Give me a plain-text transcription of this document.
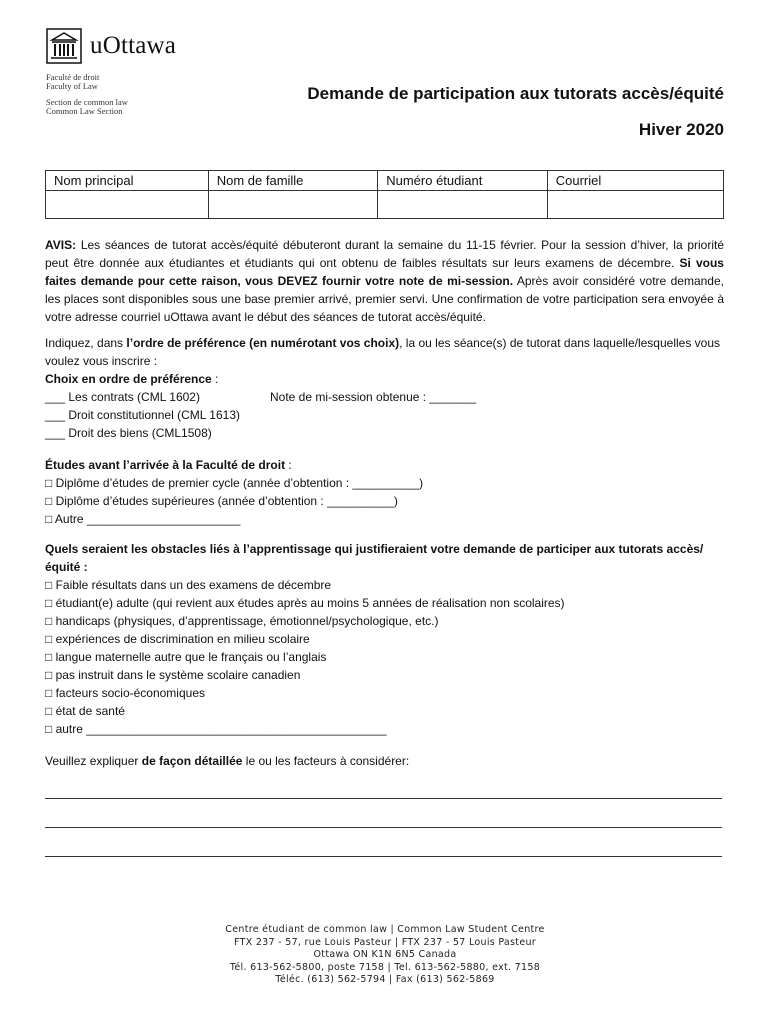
uOttawa
Faculté de droit
Faculty of Law
Section de common law
Common Law Section
Demande de participation aux tutorats accès/équité
Hiver 2020
Nom principal	Nom de famille	Numéro étudiant	Courriel

AVIS: Les séances de tutorat accès/équité débuteront durant la semaine du 11-15 février. Pour la session d’hiver, la priorité peut être donnée aux étudiantes et étudiants qui ont obtenu de faibles résultats sur leurs examens de décembre. Si vous faites demande pour cette raison, vous DEVEZ fournir votre note de mi-session. Après avoir considéré votre demande, les places sont disponibles sous une base premier arrivé, premier servi. Une confirmation de votre participation sera envoyée à votre adresse courriel uOttawa avant le début des séances de tutorat accès/équité.

Indiquez, dans l’ordre de préférence (en numérotant vos choix), la ou les séance(s) de tutorat dans laquelle/lesquelles vous voulez vous inscrire :

Choix en ordre de préférence :

___ Les contrats (CML 1602)	Note de mi-session obtenue : _______

___ Droit constitutionnel (CML 1613)

___ Droit des biens (CML1508)

Études avant l’arrivée à la Faculté de droit :

□ Diplôme d’études de premier cycle (année d’obtention : __________)

□ Diplôme d’études supérieures (année d’obtention : __________)

□ Autre _______________________

Quels seraient les obstacles liés à l’apprentissage qui justifieraient votre demande de participer aux tutorats accès/équité :

□ Faible résultats dans un des examens de décembre

□ étudiant(e) adulte (qui revient aux études après au moins 5 années de réalisation non scolaires)

□ handicaps (physiques, d’apprentissage, émotionnel/psychologique, etc.)

□ expériences de discrimination en milieu scolaire

□ langue maternelle autre que le français ou l’anglais

□ pas instruit dans le système scolaire canadien

□ facteurs socio-économiques

□ état de santé

□ autre _____________________________________________

Veuillez expliquer de façon détaillée le ou les facteurs à considérer:

Centre étudiant de common law | Common Law Student Centre
FTX 237 - 57, rue Louis Pasteur | FTX 237 - 57 Louis Pasteur
Ottawa ON K1N 6N5 Canada
Tél. 613-562-5800, poste 7158 | Tel. 613-562-5880, ext. 7158
Téléc. (613) 562-5794 | Fax (613) 562-5869
